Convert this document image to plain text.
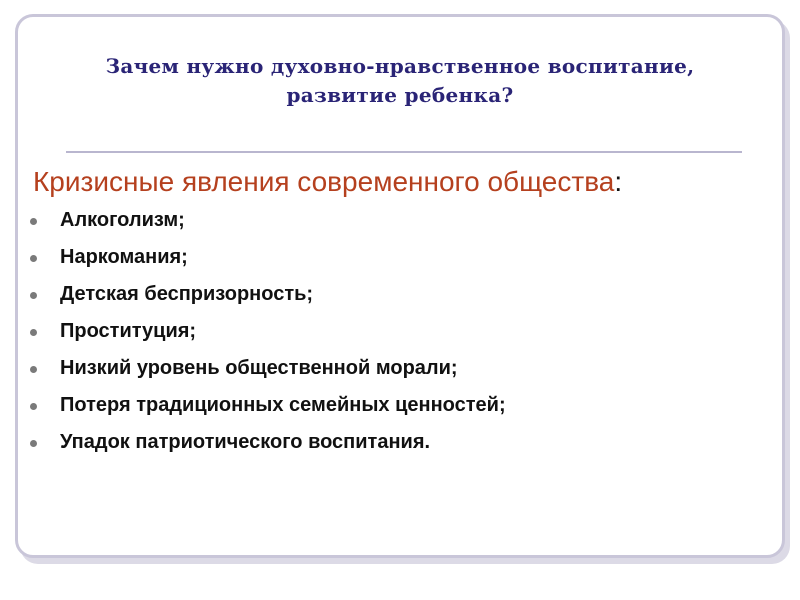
Зачем нужно духовно-нравственное воспитание,
развитие ребенка?
Кризисные явления современного общества:
Алкоголизм;
Наркомания;
Детская беспризорность;
Проституция;
Низкий уровень общественной морали;
Потеря традиционных семейных ценностей;
Упадок патриотического воспитания.
